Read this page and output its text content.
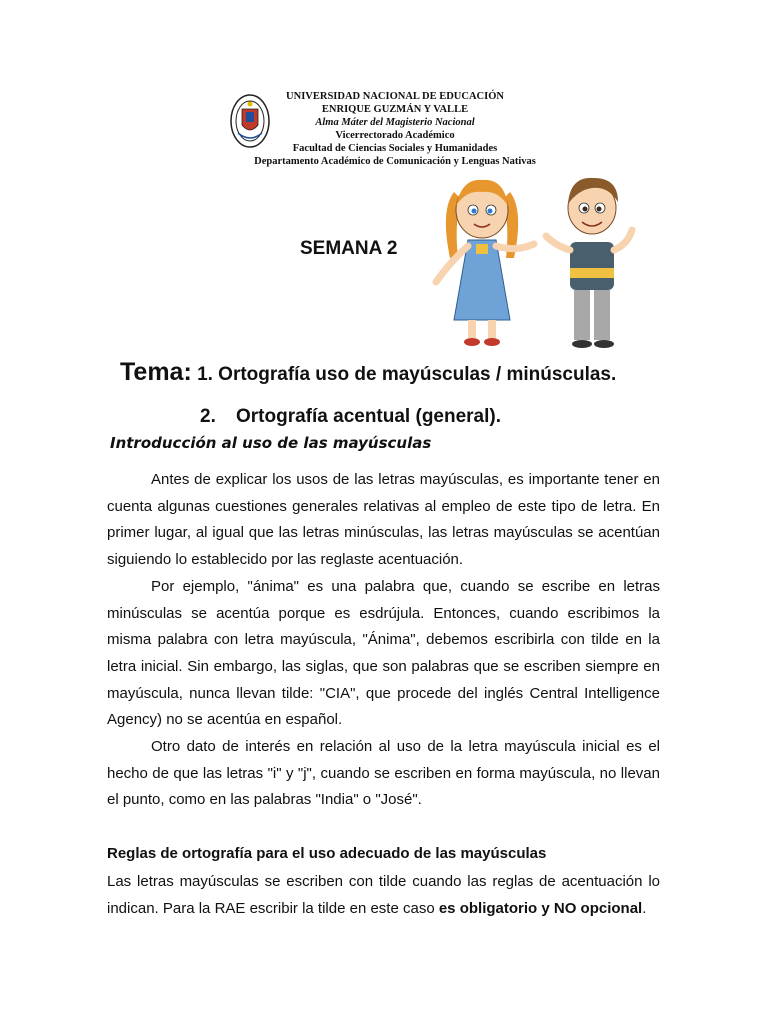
UNIVERSIDAD NACIONAL DE EDUCACIÓN
ENRIQUE GUZMÁN Y VALLE
Alma Máter del Magisterio Nacional
Vicerrectorado Académico
Facultad de Ciencias Sociales y Humanidades
Departamento Académico de Comunicación y Lenguas Nativas
SEMANA 2
Tema: 1. Ortografía uso de mayúsculas / minúsculas.
2. Ortografía acentual (general).
Introducción al uso de las mayúsculas

Antes de explicar los usos de las letras mayúsculas, es importante tener en cuenta algunas cuestiones generales relativas al empleo de este tipo de letra. En primer lugar, al igual que las letras minúsculas, las letras mayúsculas se acentúan siguiendo lo establecido por las reglaste acentuación.

Por ejemplo, "ánima" es una palabra que, cuando se escribe en letras minúsculas se acentúa porque es esdrújula. Entonces, cuando escribimos la misma palabra con letra mayúscula, "Ánima", debemos escribirla con tilde en la letra inicial. Sin embargo, las siglas, que son palabras que se escriben siempre en mayúscula, nunca llevan tilde: "CIA", que procede del inglés Central Intelligence Agency) no se acentúa en español.

Otro dato de interés en relación al uso de la letra mayúscula inicial es el hecho de que las letras "i" y "j", cuando se escriben en forma mayúscula, no llevan el punto, como en las palabras "India" o "José".

Reglas de ortografía para el uso adecuado de las mayúsculas

Las letras mayúsculas se escriben con tilde cuando las reglas de acentuación lo indican. Para la RAE escribir la tilde en este caso es obligatorio y NO opcional.
